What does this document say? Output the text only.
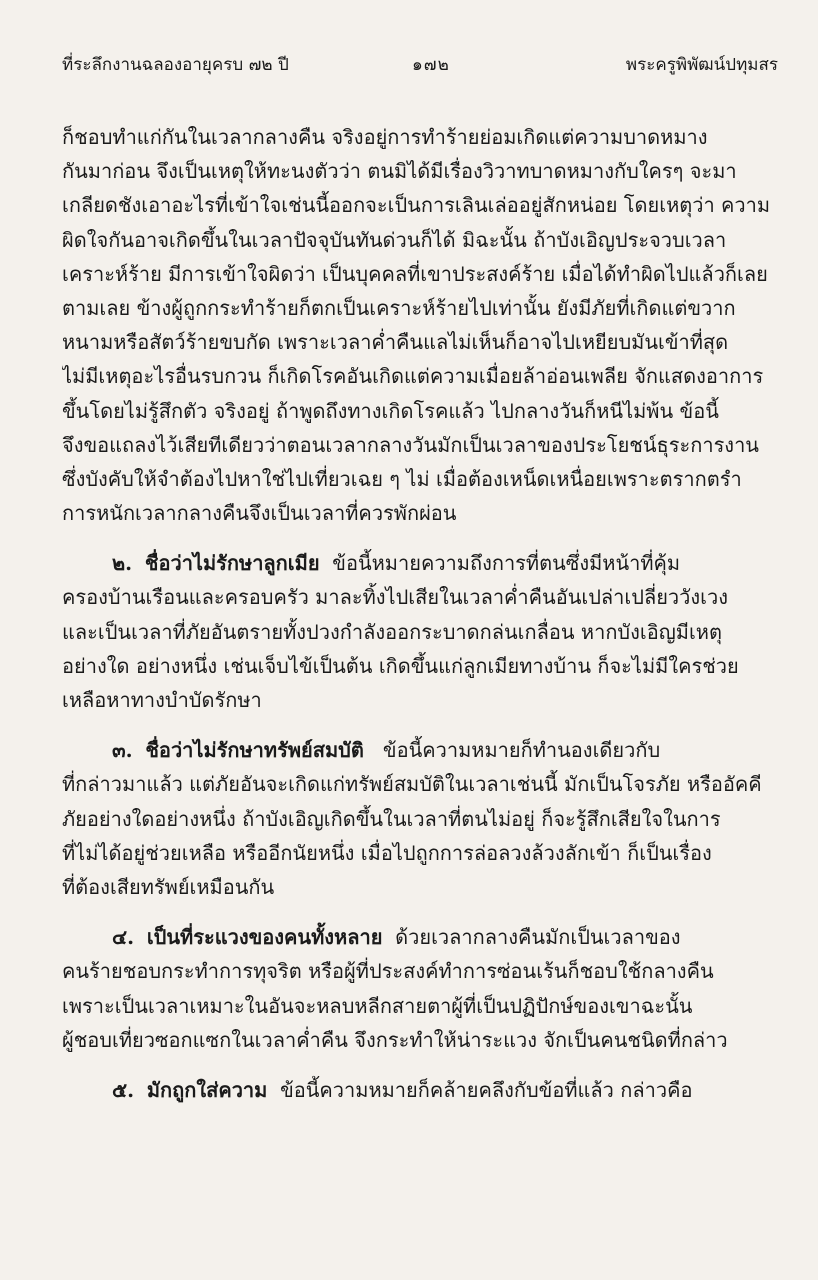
ที่ระลึกงานฉลองอายุครบ ๗๒ ปี	๑๗๒	พระครูพิพัฒน์ปทุมสร
ก็ชอบทำแก่กันในเวลากลางคืน จริงอยู่การทำร้ายย่อมเกิดแต่ความบาดหมาง
กันมาก่อน จึงเป็นเหตุให้ทะนงตัวว่า ตนมิได้มีเรื่องวิวาทบาดหมางกับใครๆ จะมา
เกลียดชังเอาอะไรที่เข้าใจเช่นนี้ออกจะเป็นการเลินเล่ออยู่สักหน่อย โดยเหตุว่า ความ
ผิดใจกันอาจเกิดขึ้นในเวลาปัจจุบันทันด่วนก็ได้ มิฉะนั้น ถ้าบังเอิญประจวบเวลา
เคราะห์ร้าย มีการเข้าใจผิดว่า เป็นบุคคลที่เขาประสงค์ร้าย เมื่อได้ทำผิดไปแล้วก็เลย
ตามเลย ข้างผู้ถูกกระทำร้ายก็ตกเป็นเคราะห์ร้ายไปเท่านั้น ยังมีภัยที่เกิดแต่ขวาก
หนามหรือสัตว์ร้ายขบกัด เพราะเวลาค่ำคืนแลไม่เห็นก็อาจไปเหยียบมันเข้าที่สุด
ไม่มีเหตุอะไรอื่นรบกวน ก็เกิดโรคอันเกิดแต่ความเมื่อยล้าอ่อนเพลีย จักแสดงอาการ
ขึ้นโดยไม่รู้สึกตัว จริงอยู่ ถ้าพูดถึงทางเกิดโรคแล้ว ไปกลางวันก็หนีไม่พ้น ข้อนี้
จึงขอแถลงไว้เสียทีเดียวว่าตอนเวลากลางวันมักเป็นเวลาของประโยชน์ธุระการงาน
ซึ่งบังคับให้จำต้องไปหาใช่ไปเที่ยวเฉย ๆ ไม่ เมื่อต้องเหน็ดเหนื่อยเพราะตรากตรำ
การหนักเวลากลางคืนจึงเป็นเวลาที่ควรพักผ่อน
๒. ชื่อว่าไม่รักษาลูกเมีย ข้อนี้หมายความถึงการที่ตนซึ่งมีหน้าที่คุ้ม
ครองบ้านเรือนและครอบครัว มาละทิ้งไปเสียในเวลาค่ำคืนอันเปล่าเปลี่ยววังเวง
และเป็นเวลาที่ภัยอันตรายทั้งปวงกำลังออกระบาดกล่นเกลื่อน หากบังเอิญมีเหตุ
อย่างใด อย่างหนึ่ง เช่นเจ็บไข้เป็นต้น เกิดขึ้นแก่ลูกเมียทางบ้าน ก็จะไม่มีใครช่วย
เหลือหาทางบำบัดรักษา
๓. ชื่อว่าไม่รักษาทรัพย์สมบัติ ข้อนี้ความหมายก็ทำนองเดียวกับ
ที่กล่าวมาแล้ว แต่ภัยอันจะเกิดแก่ทรัพย์สมบัติในเวลาเช่นนี้ มักเป็นโจรภัย หรืออัคคี
ภัยอย่างใดอย่างหนึ่ง ถ้าบังเอิญเกิดขึ้นในเวลาที่ตนไม่อยู่ ก็จะรู้สึกเสียใจในการ
ที่ไม่ได้อยู่ช่วยเหลือ หรืออีกนัยหนึ่ง เมื่อไปถูกการล่อลวงล้วงลักเข้า ก็เป็นเรื่อง
ที่ต้องเสียทรัพย์เหมือนกัน
๔. เป็นที่ระแวงของคนทั้งหลาย ด้วยเวลากลางคืนมักเป็นเวลาของ
คนร้ายชอบกระทำการทุจริต หรือผู้ที่ประสงค์ทำการซ่อนเร้นก็ชอบใช้กลางคืน
เพราะเป็นเวลาเหมาะในอันจะหลบหลีกสายตาผู้ที่เป็นปฏิปักษ์ของเขาฉะนั้น
ผู้ชอบเที่ยวซอกแซกในเวลาค่ำคืน จึงกระทำให้น่าระแวง จักเป็นคนชนิดที่กล่าว
๕. มักถูกใส่ความ ข้อนี้ความหมายก็คล้ายคลึงกับข้อที่แล้ว กล่าวคือ
